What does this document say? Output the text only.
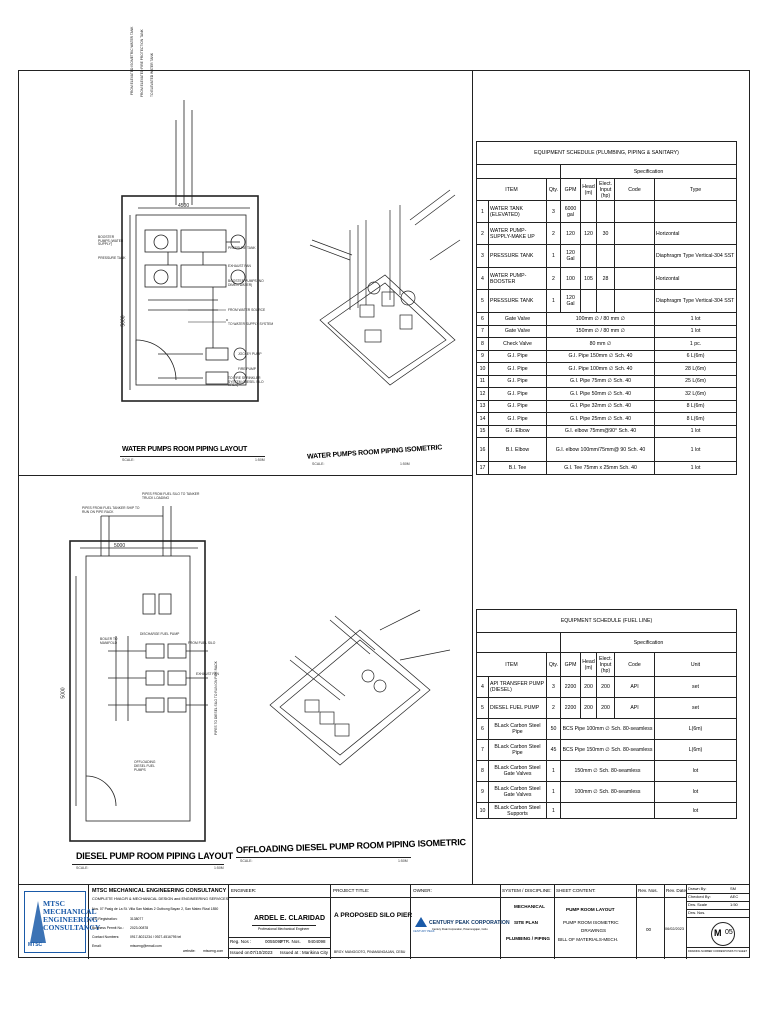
4500
5000
BOOSTER PUMPS (WATER SUPPLY)
PRESSURE TANK
PRESSURE TANK
EXHAUST FAN
BOOSTER PUMPS (NO DIMEN WATER)
FROM WATER SOURCE
TO WATER SUPPLY SYSTEM
JOCKEY PUMP
FIRE PUMP
TO FIRE SPRINKLER SYSTEM (DIESEL SILO AREA)
FROM ELEVATED ISOMETRIC WATER TANK FROM ELEVATED FIRE PROTECTION TANK TO ELEVATED WATER TANK
WATER PUMPS ROOM PIPING LAYOUT
SCALE:	1:50M	WATER PUMPS ROOM PIPING ISOMETRIC
SCALE:	1:50M
5000
5000
PIPES FROM FUEL TANKER SHIP TO RUN ON PIPE RACK
PIPES FROM FUEL SILO TO TANKER TRUCK LOADING
DISCHARGE FUEL PUMP
FROM FUEL SILO
EXHAUST FAN
OFFLOADING DIESEL FUEL PUMPS
BOILER TO MANIFOLD
PIPES TO DIESEL SILO TO RUN ON PIPE RACK
DIESEL PUMP ROOM PIPING LAYOUT
SCALE:	1:50M
OFFLOADING DIESEL PUMP ROOM PIPING ISOMETRIC
SCALE:	1:50M
EQUIPMENT SCHEDULE (PLUMBING, PIPING & SANITARY)							
			Specification				
ITEM		Qty.	GPM	Head (m)	Elect. Input (hp)	Code	Type
1	WATER TANK (ELEVATED)	3	6000 gal				
2	WATER PUMP-SUPPLY-MAKE UP	2	120	120	30		Horizontal
3	PRESSURE TANK	1	120 Gal				Diaphragm Type Vertical-304 SST
4	WATER PUMP-BOOSTER	2	100	105	28		Horizontal
5	PRESSURE TANK	1	120 Gal				Diaphragm Type Vertical-304 SST
6	Gate Valve	100mm ∅ / 80 mm ∅					1 lot
7	Gate Valve	150mm ∅ / 80 mm ∅					1 lot
8	Check Valve	80 mm ∅					1 pc.
9	G.I. Pipe	G.I. Pipe 150mm ∅ Sch. 40					6 L(6m)
10	G.I. Pipe	G.I. Pipe 100mm ∅ Sch. 40					28 L(6m)
11	G.I. Pipe	G.I. Pipe 75mm ∅ Sch. 40					25 L(6m)
12	G.I. Pipe	G.I. Pipe 50mm ∅ Sch. 40					32 L(6m)
13	G.I. Pipe	G.I. Pipe 32mm ∅ Sch. 40					8 L(6m)
14	G.I. Pipe	G.I. Pipe 25mm ∅ Sch. 40					8 L(6m)
15	G.I. Elbow	G.I. elbow 75mm@90° Sch. 40					1 lot
16	B.I. Elbow	G.I. elbow 100mm/75mm@ 90 Sch. 40					1 lot
17	B.I. Tee	G.I. Tee 75mm x 25mm Sch. 40					1 lot
EQUIPMENT SCHEDULE (FUEL LINE)							
			Specification				
ITEM		Qty.	GPM	Head (m)	Elect. Input (hp)	Code	Unit
4	API TRANSFER PUMP (DIESEL)	3	2200	200	200	API	set
5	DIESEL FUEL PUMP	2	2200	200	200	API	set
6	BLack Carbon Steel Pipe	50	BCS Pipe 100mm ∅ Sch. 80-seamless				L(6m)
7	BLack Carbon Steel Pipe	45	BCS Pipe 150mm ∅ Sch. 80-seamless				L(6m)
8	BLack Carbon Steel Gate Valves	1	150mm ∅ Sch. 80-seamless				lot
9	BLack Carbon Steel Gate Valves	1	100mm ∅ Sch. 80-seamless				lot
10	BLack Carbon Steel Supports	1					lot
MTSC
MECHANICAL
ENGINEERING
CONSULTANCY
MTSC
MTSC MECHANICAL ENGINEERING CONSULTANCY
COMPLETE HVAC/R & MECHANICAL DESIGN and ENGINEERING SERVICES
Nos. 07 Pasig de La St. Villa San Matias 2 Outbong Bayan 2, San Mateo Rizal 1850
DTI Registration:	3138077
Business Permit No.: 2023-00878
Contact Numbers:	0917-8021234 / 0927-4516795 tel
Email:	mtsceng@email.com
website: mtsceng.com
ENGINEER:
ARDEL E. CLARIDAD
Professional Mechanical Engineer
Reg. Nos :	0055092
PTR. Nos. 9404098
Issued on :
07/10/2023 Issued at : Marikina City
PROJECT TITLE:
A PROPOSED SILO PIER
BRGY. MANGGOTO, PINAMUNGAJAN, CEBU
OWNER:
CENTURY PEAK
CENTURY PEAK CORPORATION
Century Peak Corporation, Pinamungajan, Cebu
SYSTEM / DISCIPLINE:
MECHANICAL
SITE PLAN
PLUMBING / PIPING
SHEET CONTENT:
PUMP ROOM LAYOUT
PUMP ROOM ISOMETRIC
DRAWINGS
BILL OF MATERIALS-MECH.
Rev. Nos.
00
Rev. Date:
06/02/2023
Drawn By:	SM
Checked By:	AEC
Drw. Scale	1:50
Drw. Nos.
M 05
DRAWING NUMBER CORRESPONDS TO SHEET
